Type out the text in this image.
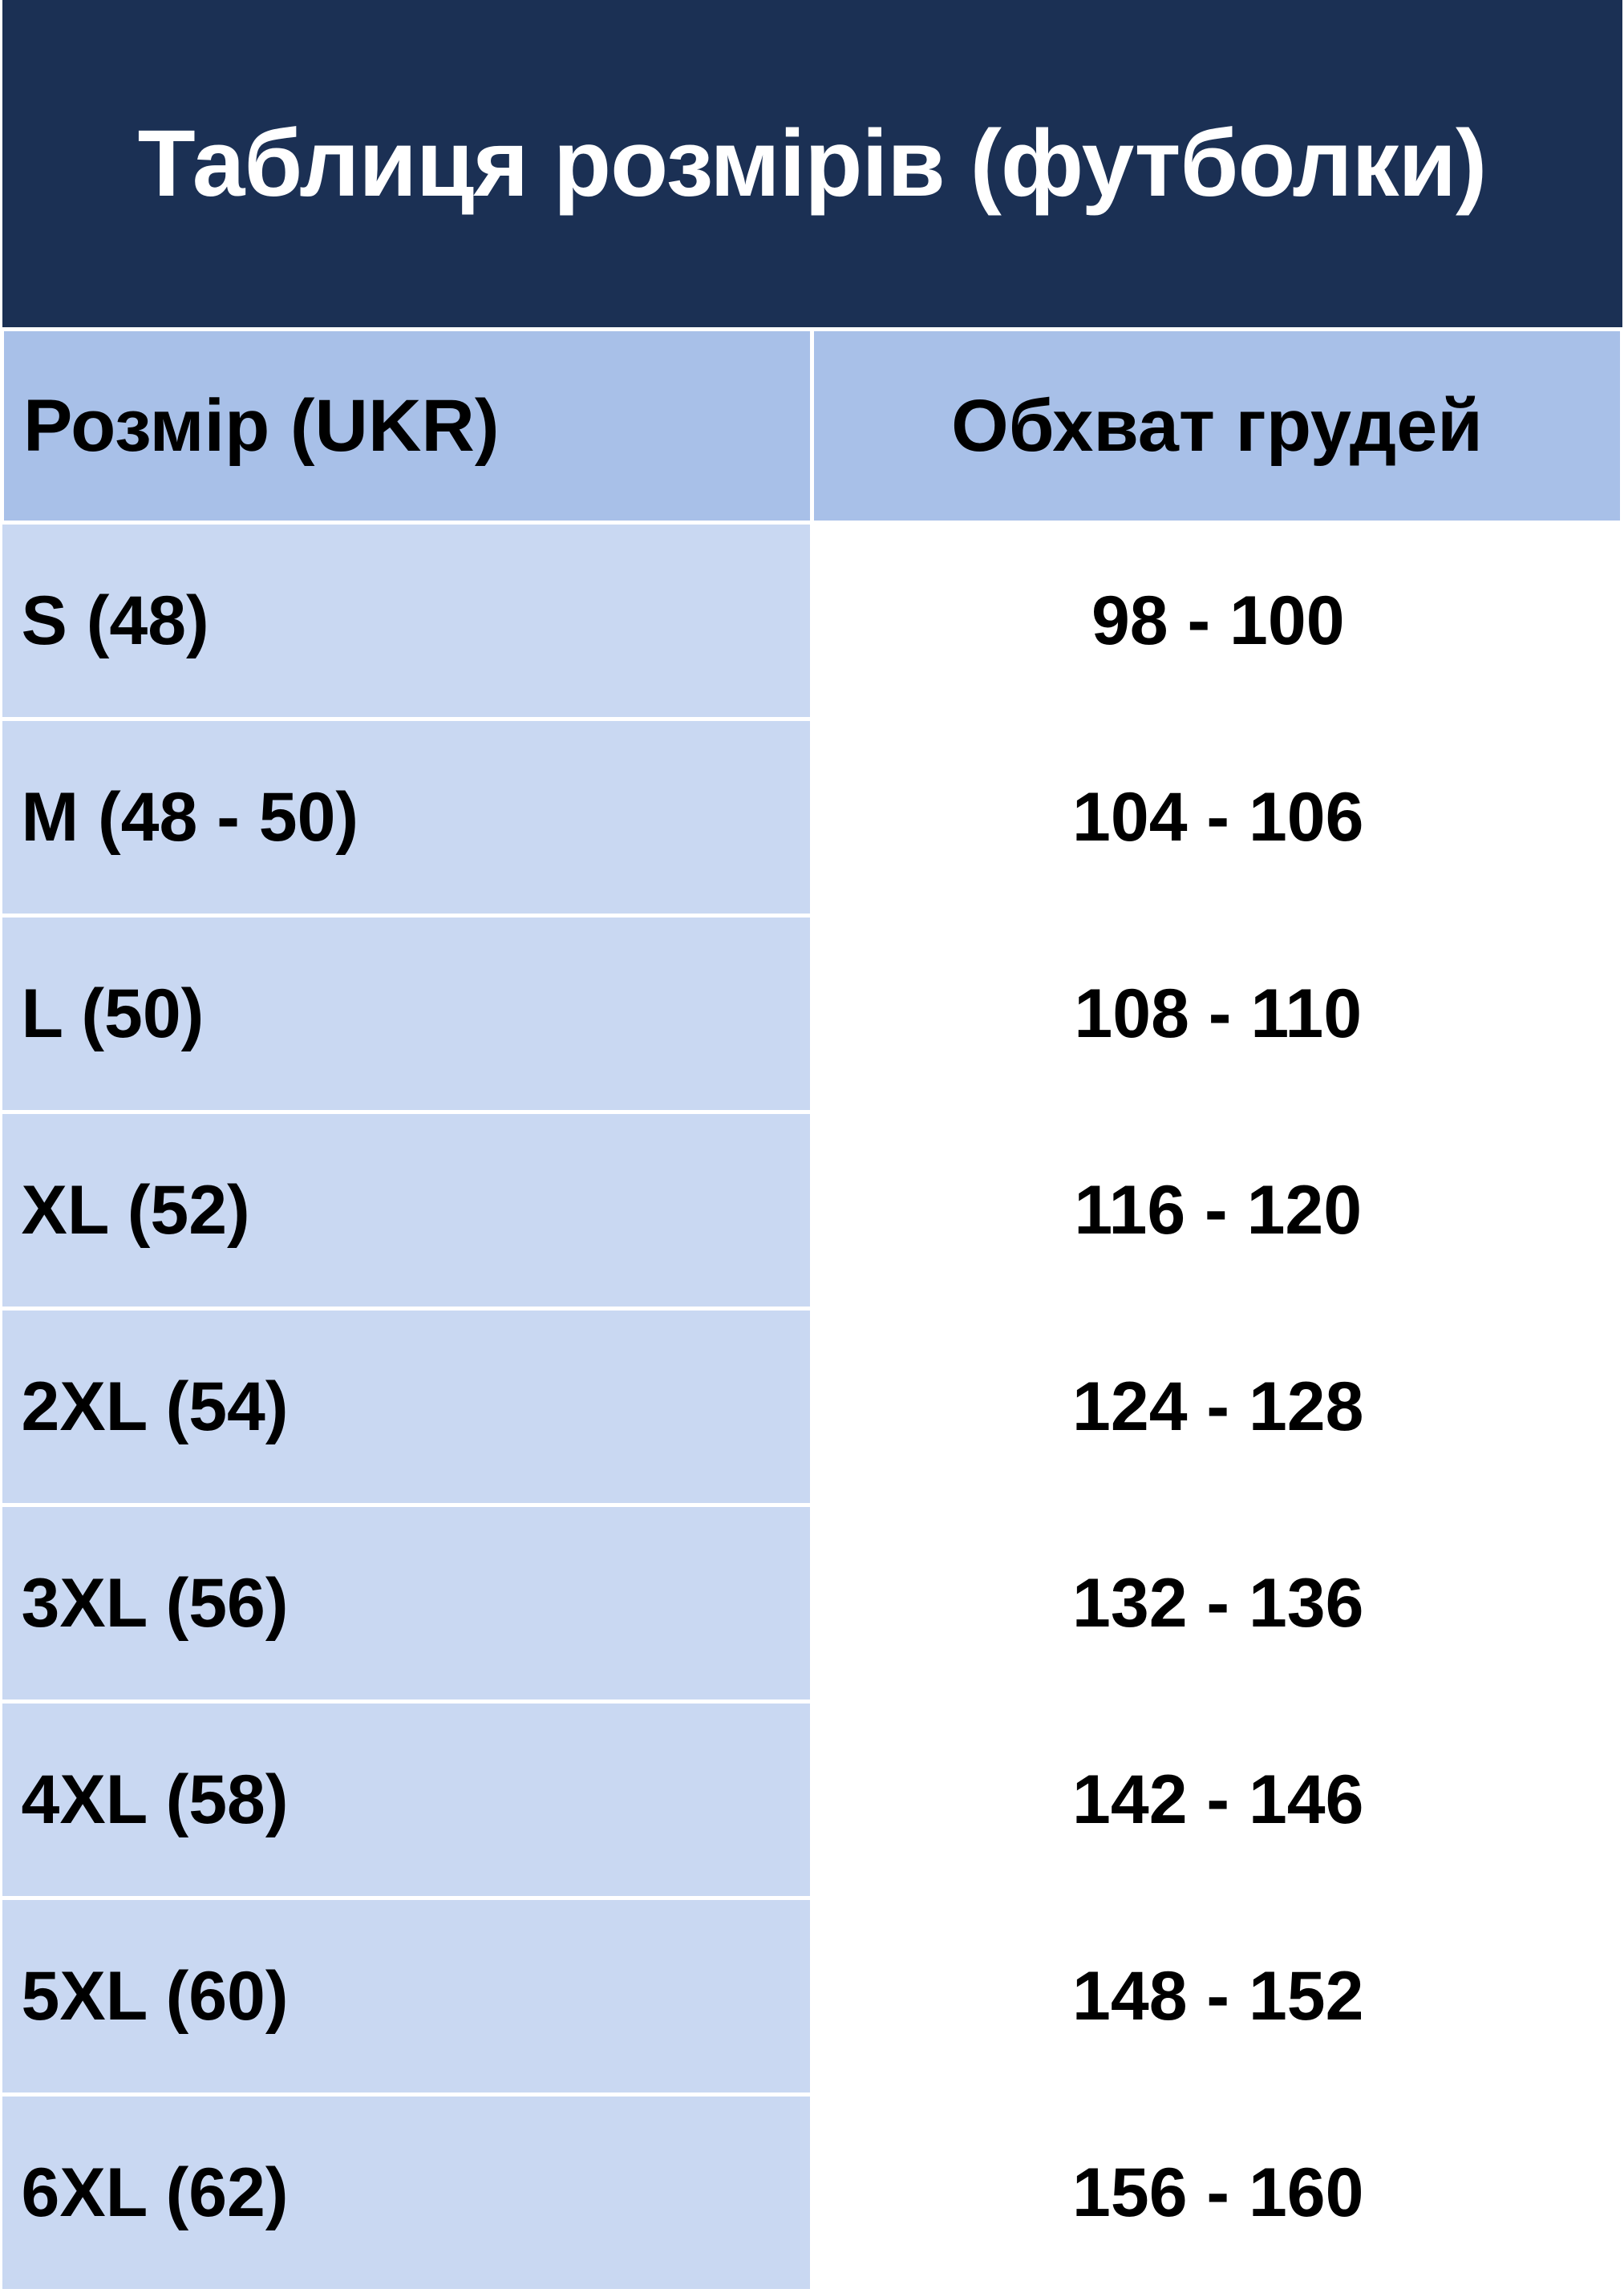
Таблиця розмірів (футболки)	
Розмір (UKR)	Обхват грудей
S (48)	98 - 100
M (48 - 50)	104 - 106
L (50)	108 - 110
XL (52)	116 - 120
2XL (54)	124 - 128
3XL (56)	132 - 136
4XL (58)	142 - 146
5XL (60)	148 - 152
6XL (62)	156 - 160
